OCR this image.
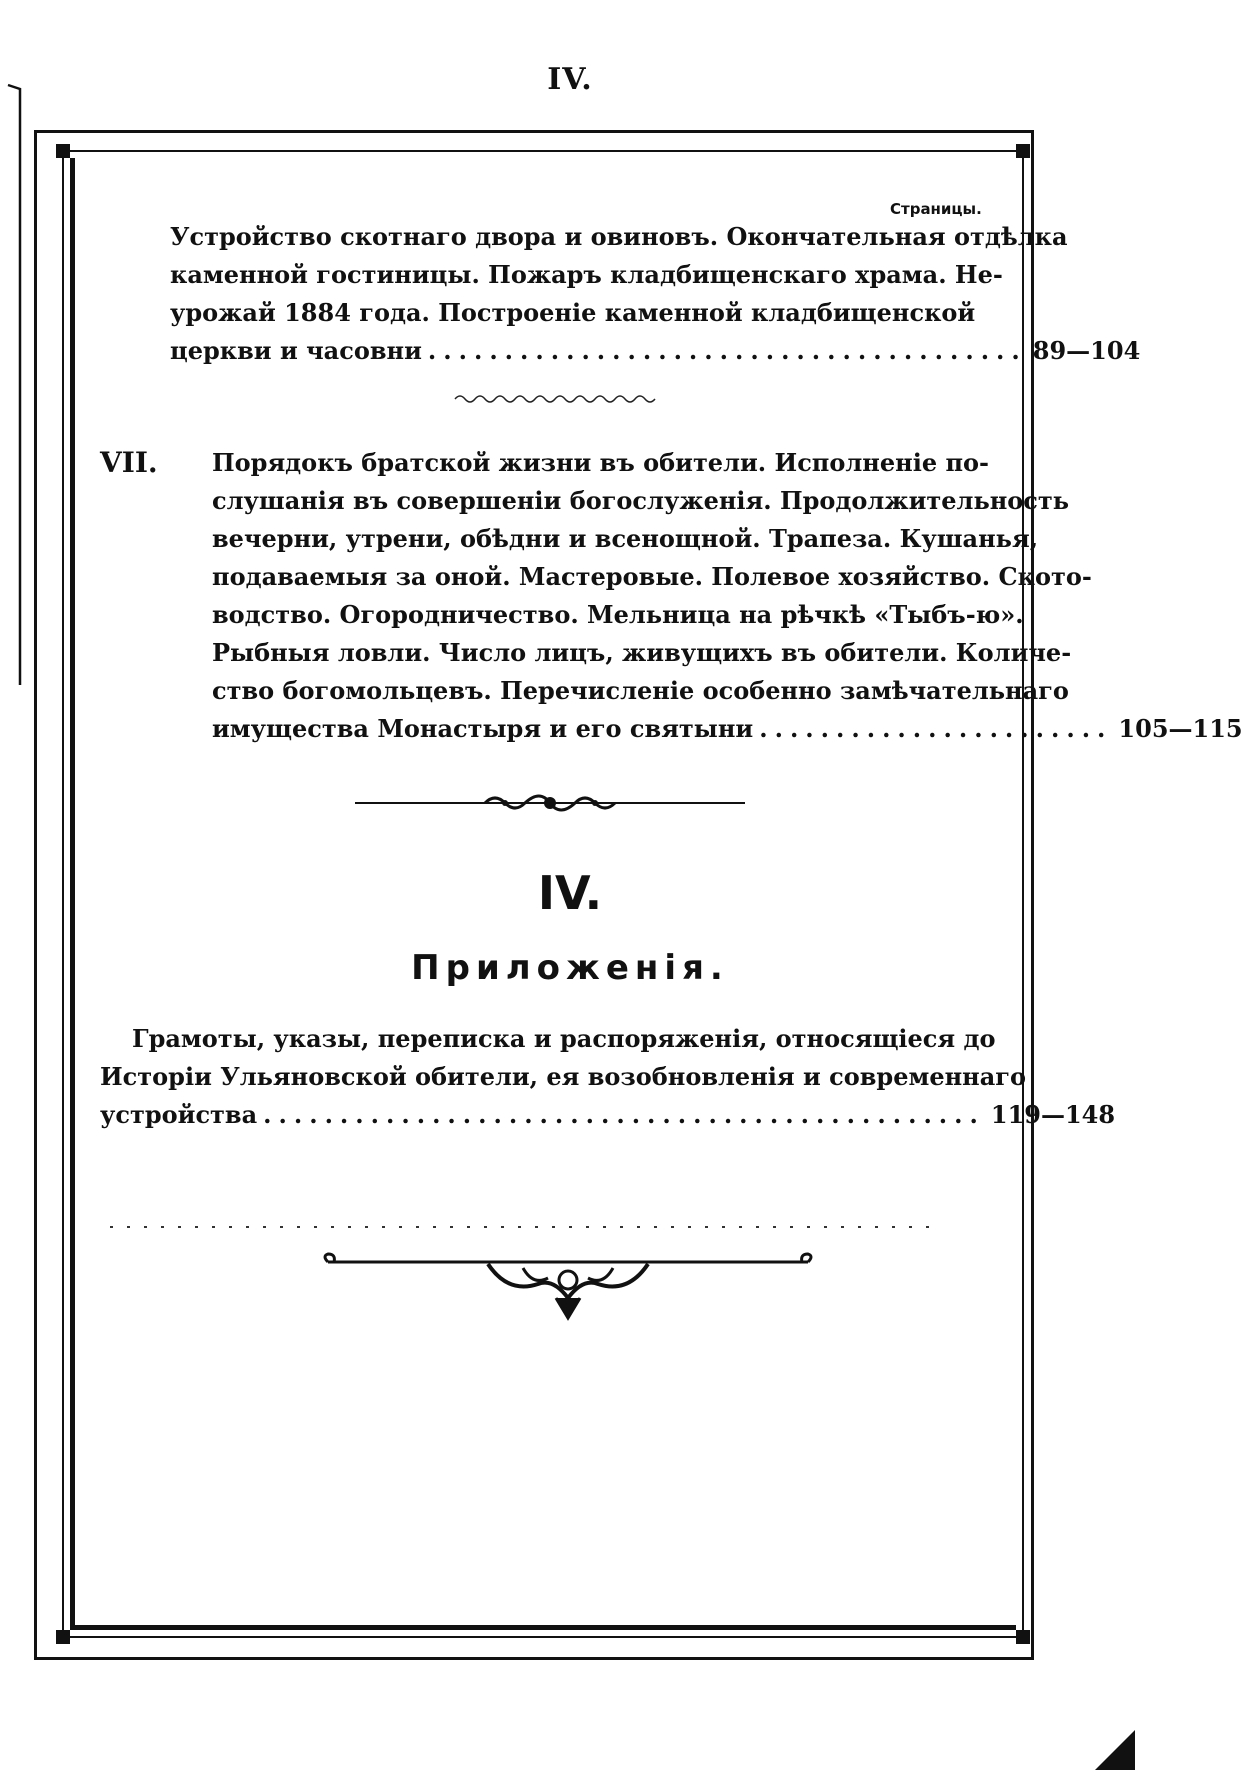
IV.
Страницы.
Устройство скотнаго двора и овиновъ. Окончательная отдѣлка
каменной гостиницы. Пожаръ кладбищенскаго храма. Не-
урожай 1884 года. Построеніе каменной кладбищенской
церкви и часовни ....................................... 89—104
VII.	Порядокъ братской жизни въ обители. Исполненіе по-
слушанія въ совершеніи богослуженія. Продолжительность
вечерни, утрени, обѣдни и всенощной. Трапеза. Кушанья,
подаваемыя за оной. Мастеровые. Полевое хозяйство. Ското-
водство. Огородничество. Мельница на рѣчкѣ «Тыбъ-ю».
Рыбныя ловли. Число лицъ, живущихъ въ обители. Количе-
ство богомольцевъ. Перечисленіе особенно замѣчательнаго
имущества Монастыря и его святыни ....................... 105—115
IV.
Приложенія.
Грамоты, указы, переписка и распоряженія, относящіеся до
Исторіи Ульяновской обители, ея возобновленія и современнаго
устройства ............................................... 119—148
